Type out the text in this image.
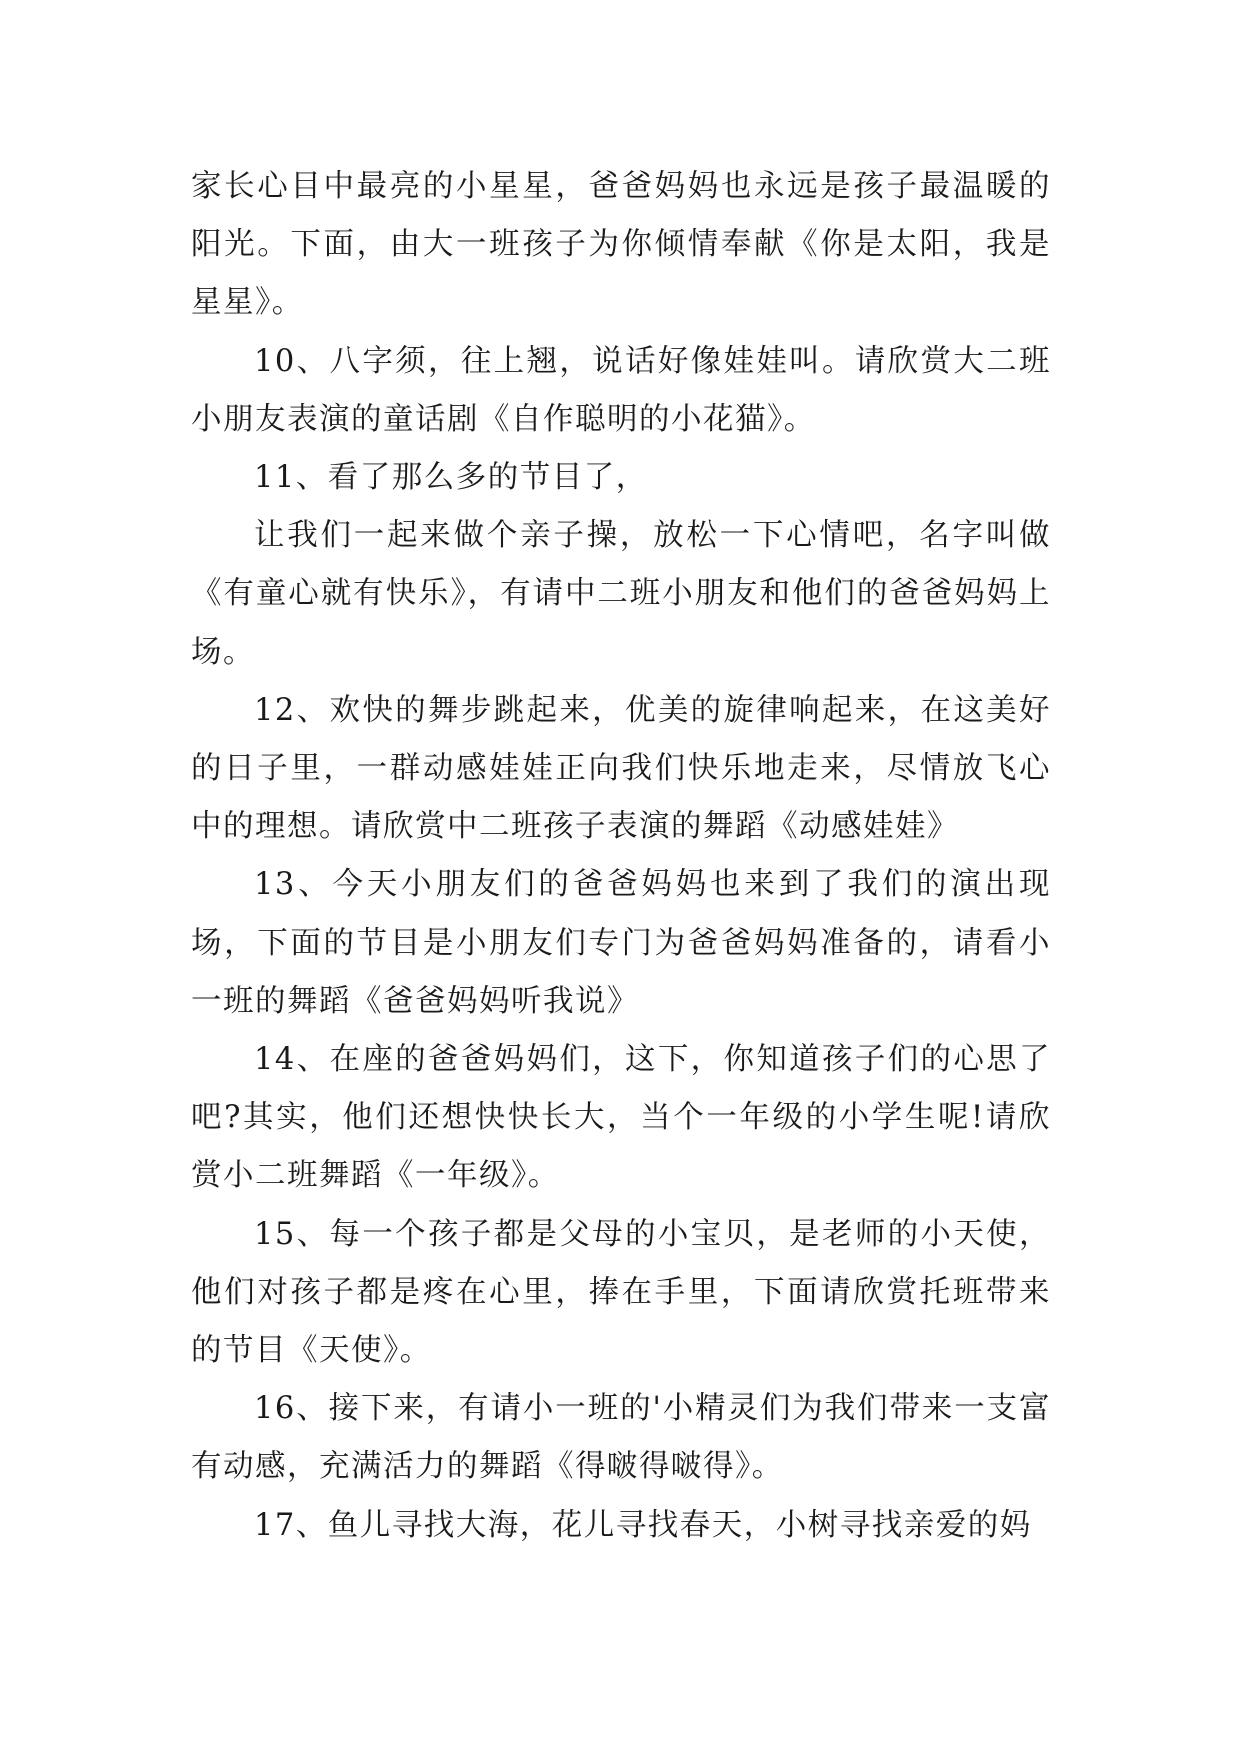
家长心目中最亮的小星星，爸爸妈妈也永远是孩子最温暖的阳光。下面，由大一班孩子为你倾情奉献《你是太阳，我是星星》。

10、八字须，往上翘，说话好像娃娃叫。请欣赏大二班小朋友表演的童话剧《自作聪明的小花猫》。

11、看了那么多的节目了，

让我们一起来做个亲子操，放松一下心情吧，名字叫做《有童心就有快乐》，有请中二班小朋友和他们的爸爸妈妈上场。

12、欢快的舞步跳起来，优美的旋律响起来，在这美好的日子里，一群动感娃娃正向我们快乐地走来，尽情放飞心中的理想。请欣赏中二班孩子表演的舞蹈《动感娃娃》

13、今天小朋友们的爸爸妈妈也来到了我们的演出现场，下面的节目是小朋友们专门为爸爸妈妈准备的，请看小一班的舞蹈《爸爸妈妈听我说》

14、在座的爸爸妈妈们，这下，你知道孩子们的心思了吧?其实，他们还想快快长大，当个一年级的小学生呢!请欣赏小二班舞蹈《一年级》。

15、每一个孩子都是父母的小宝贝，是老师的小天使，他们对孩子都是疼在心里，捧在手里，下面请欣赏托班带来的节目《天使》。

16、接下来，有请小一班的'小精灵们为我们带来一支富有动感，充满活力的舞蹈《得啵得啵得》。

17、鱼儿寻找大海，花儿寻找春天，小树寻找亲爱的妈
